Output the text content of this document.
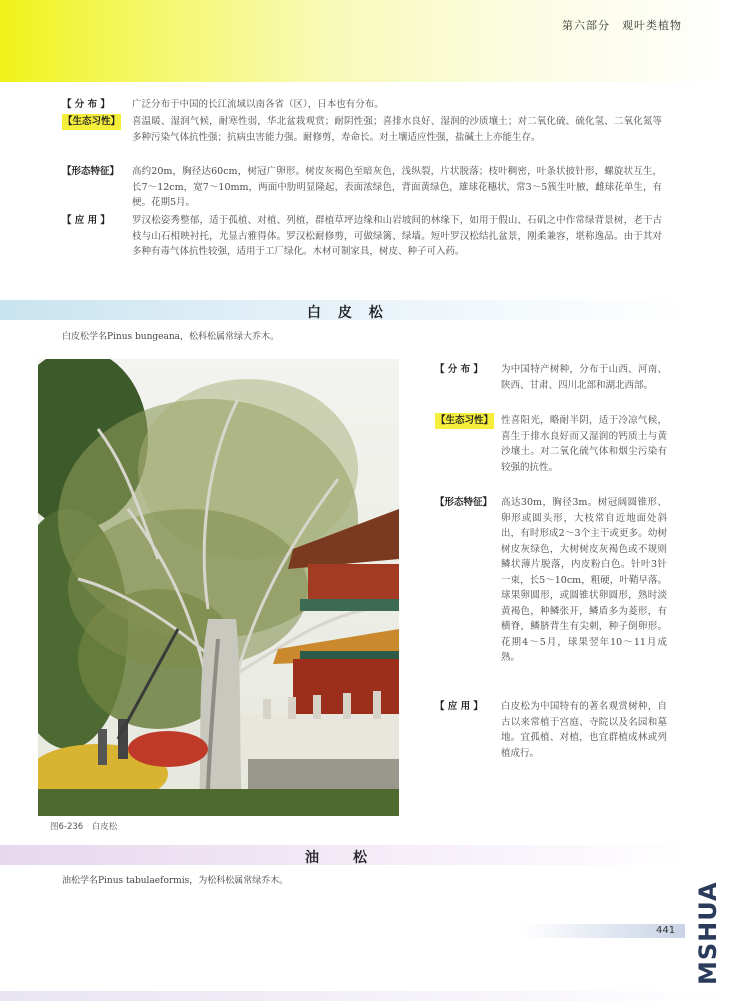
第六部分　观叶类植物
【 分 布 】	广泛分布于中国的长江流域以南各省（区），日本也有分布。
【生态习性】	喜温暖、湿润气候，耐寒性弱，华北盆栽观赏；耐阴性强；喜排水良好、湿润的沙质壤土；对二氧化硫、硫化氢、二氧化氮等多种污染气体抗性强；抗病虫害能力强。耐修剪，寿命长。对土壤适应性强，盐碱土上亦能生存。
【形态特征】	高约20m，胸径达60cm，树冠广卵形。树皮灰褐色至暗灰色，浅纵裂，片状脱落；枝叶稠密，叶条状披针形，螺旋状互生，长7～12cm，宽7～10mm，两面中肋明显隆起，表面浓绿色，背面黄绿色，雄球花穗状，常3～5簇生叶腋，雌球花单生，有梗。花期5月。
【 应 用 】	罗汉松姿秀整郁，适于孤植、对植、列植，群植草坪边缘和山岩坡间的林缘下，如用于假山、石矶之中作常绿背景树，老干古枝与山石相映衬托，尤显古雅得体。罗汉松耐修剪，可做绿篱、绿墙。短叶罗汉松结扎盆景，刚柔兼容，堪称逸品。由于其对多种有毒气体抗性较强，适用于工厂绿化。木材可制家具，树皮、种子可入药。
白 皮 松
白皮松学名Pinus bungeana，松科松属常绿大乔木。
图6-236　白皮松
【 分 布 】	为中国特产树种，分布于山西、河南、陕西、甘肃、四川北部和湖北西部。
【生态习性】 性喜阳光，略耐半阴，适于冷凉气候，喜生于排水良好而又湿润的钙质土与黄沙壤土。对二氧化硫气体和烟尘污染有较强的抗性。
【形态特征】 高达30m，胸径3m。树冠阔圆锥形、卵形或圆头形，大枝常自近地面处斜出，有时形成2～3个主干或更多。幼树树皮灰绿色，大树树皮灰褐色或不规则鳞状薄片脱落，内皮粉白色。针叶3针一束，长5～10cm，粗硬，叶鞘早落。球果卵圆形，或圆锥状卵圆形，熟时淡黄褐色，种鳞张开，鳞盾多为菱形，有横脊，鳞脐背生有尖刺，种子倒卵形。花期4～5月，球果翌年10～11月成熟。
【 应 用 】	白皮松为中国特有的著名观赏树种，自古以来常植于宫庭、寺院以及名园和墓地。宜孤植、对植，也宜群植成林或列植成行。
油　　松
油松学名Pinus tabulaeformis，为松科松属常绿乔木。
441 MSHUA
